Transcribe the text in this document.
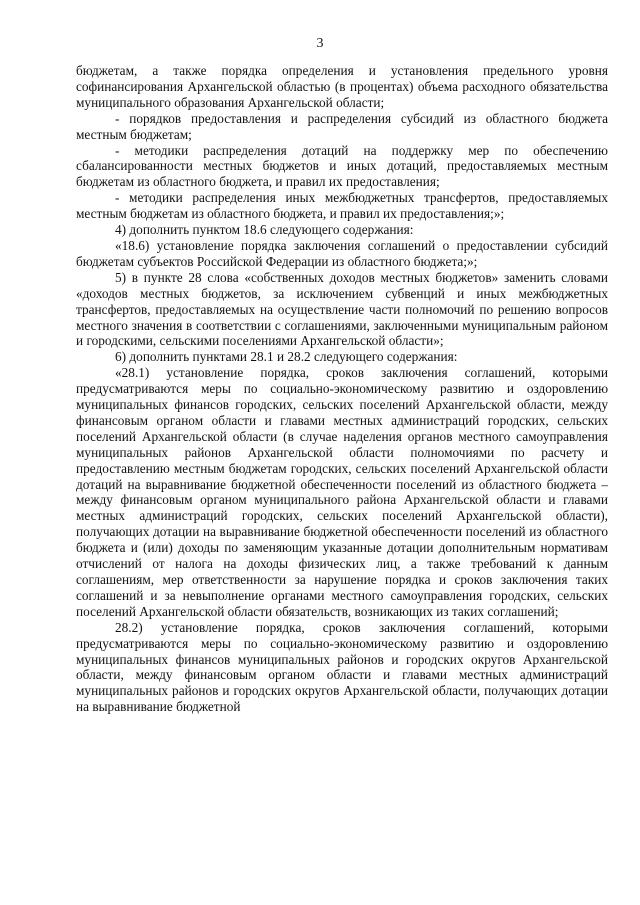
3

бюджетам, а также порядка определения и установления предельного уровня софинансирования Архангельской областью (в процентах) объема расходного обязательства муниципального образования Архангельской области;

- порядков предоставления и распределения субсидий из областного бюджета местным бюджетам;

- методики распределения дотаций на поддержку мер по обеспечению сбалансированности местных бюджетов и иных дотаций, предоставляемых местным бюджетам из областного бюджета, и правил их предоставления;

- методики распределения иных межбюджетных трансфертов, предоставляемых местным бюджетам из областного бюджета, и правил их предоставления;»;

4) дополнить пунктом 18.6 следующего содержания:

«18.6) установление порядка заключения соглашений о предоставлении субсидий бюджетам субъектов Российской Федерации из областного бюджета;»;

5) в пункте 28 слова «собственных доходов местных бюджетов» заменить словами «доходов местных бюджетов, за исключением субвенций и иных межбюджетных трансфертов, предоставляемых на осуществление части полномочий по решению вопросов местного значения в соответствии с соглашениями, заключенными муниципальным районом и городскими, сельскими поселениями Архангельской области»;

6) дополнить пунктами 28.1 и 28.2 следующего содержания:

«28.1) установление порядка, сроков заключения соглашений, которыми предусматриваются меры по социально-экономическому развитию и оздоровлению муниципальных финансов городских, сельских поселений Архангельской области, между финансовым органом области и главами местных администраций городских, сельских поселений Архангельской области (в случае наделения органов местного самоуправления муниципальных районов Архангельской области полномочиями по расчету и предоставлению местным бюджетам городских, сельских поселений Архангельской области дотаций на выравнивание бюджетной обеспеченности поселений из областного бюджета – между финансовым органом муниципального района Архангельской области и главами местных администраций городских, сельских поселений Архангельской области), получающих дотации на выравнивание бюджетной обеспеченности поселений из областного бюджета и (или) доходы по заменяющим указанные дотации дополнительным нормативам отчислений от налога на доходы физических лиц, а также требований к данным соглашениям, мер ответственности за нарушение порядка и сроков заключения таких соглашений и за невыполнение органами местного самоуправления городских, сельских поселений Архангельской области обязательств, возникающих из таких соглашений;

28.2) установление порядка, сроков заключения соглашений, которыми предусматриваются меры по социально-экономическому развитию и оздоровлению муниципальных финансов муниципальных районов и городских округов Архангельской области, между финансовым органом области и главами местных администраций муниципальных районов и городских округов Архангельской области, получающих дотации на выравнивание бюджетной
